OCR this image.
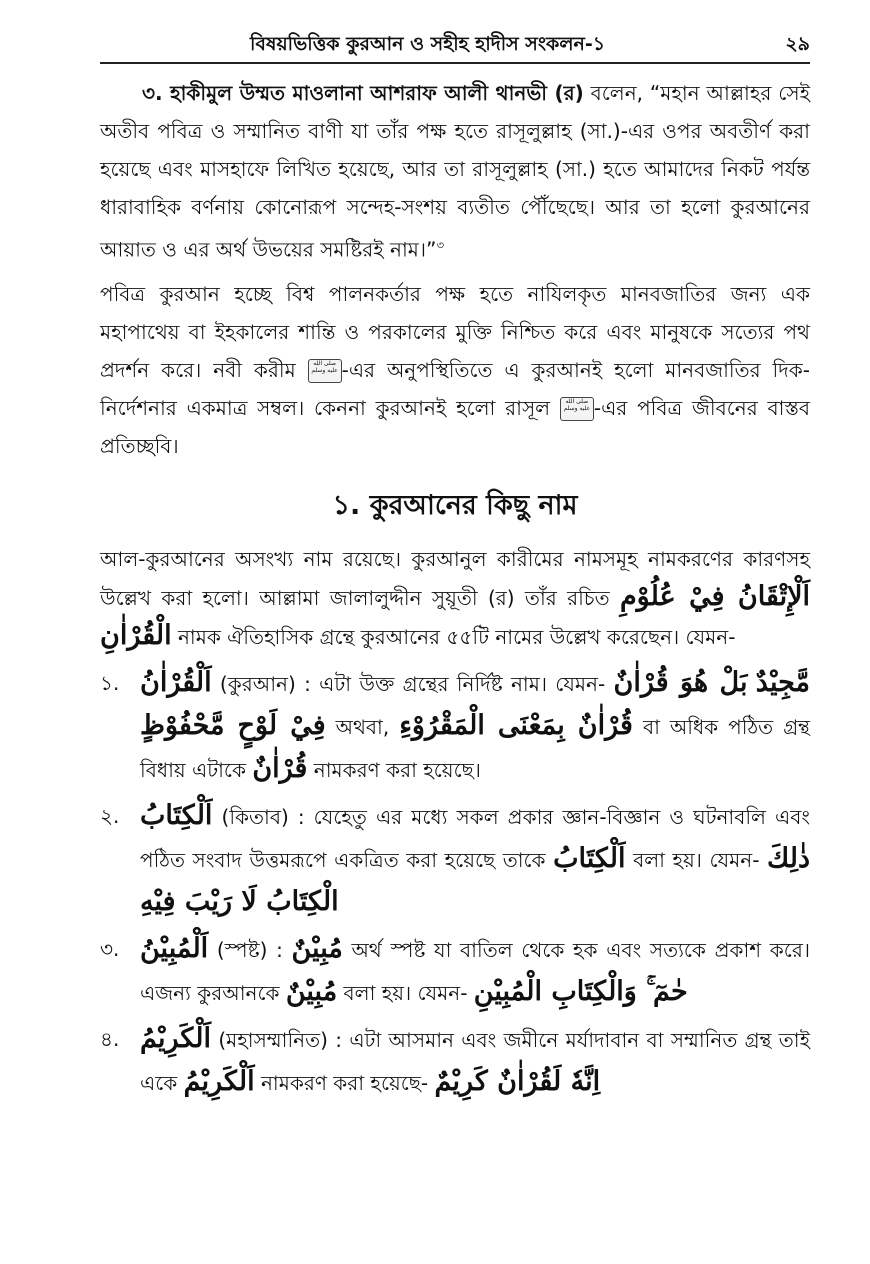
বিষয়ভিত্তিক কুরআন ও সহীহ হাদীস সংকলন-১	২৯

৩. হাকীমুল উম্মত মাওলানা আশরাফ আলী থানভী (র) বলেন, “মহান আল্লাহর সেই অতীব পবিত্র ও সম্মানিত বাণী যা তাঁর পক্ষ হতে রাসূলুল্লাহ (সা.)-এর ওপর অবতীর্ণ করা হয়েছে এবং মাসহাফে লিখিত হয়েছে, আর তা রাসূলুল্লাহ (সা.) হতে আমাদের নিকট পর্যন্ত ধারাবাহিক বর্ণনায় কোনোরূপ সন্দেহ-সংশয় ব্যতীত পৌঁছেছে। আর তা হলো কুরআনের আয়াত ও এর অর্থ উভয়ের সমষ্টিরই নাম।”$^৩$

পবিত্র কুরআন হচ্ছে বিশ্ব পালনকর্তার পক্ষ হতে নাযিলকৃত মানবজাতির জন্য এক মহাপাথেয় বা ইহকালের শান্তি ও পরকালের মুক্তি নিশ্চিত করে এবং মানুষকে সত্যের পথ প্রদর্শন করে। নবী করীম صلى الله عليه وسلم -এর অনুপস্থিতিতে এ কুরআনই হলো মানবজাতির দিক-নির্দেশনার একমাত্র সম্বল। কেননা কুরআনই হলো রাসূল صلى الله عليه وسلم -এর পবিত্র জীবনের বাস্তব প্রতিচ্ছবি।

১. কুরআনের কিছু নাম

আল-কুরআনের অসংখ্য নাম রয়েছে। কুরআনুল কারীমের নামসমূহ নামকরণের কারণসহ উল্লেখ করা হলো। আল্লামা জালালুদ্দীন সুয়ূতী (র) তাঁর রচিত اَلْإِتْقَانُ فِيْ عُلُوْمِ الْقُرْاٰنِ নামক ঐতিহাসিক গ্রন্থে কুরআনের ৫৫টি নামের উল্লেখ করেছেন। যেমন-

১. اَلْقُرْاٰنُ (কুরআন) : এটা উক্ত গ্রন্থের নির্দিষ্ট নাম। যেমন- بَلْ هُوَ قُرْاٰنٌ مَّجِيْدٌ فِيْ لَوْحٍ مَّحْفُوْظٍ অথবা, قُرْاٰنٌ بِمَعْنَى الْمَقْرُوْءِ বা অধিক পঠিত গ্রন্থ বিধায় এটাকে قُرْاٰنٌ নামকরণ করা হয়েছে।

২. اَلْكِتَابُ (কিতাব) : যেহেতু এর মধ্যে সকল প্রকার জ্ঞান-বিজ্ঞান ও ঘটনাবলি এবং পঠিত সংবাদ উত্তমরূপে একত্রিত করা হয়েছে তাকে اَلْكِتَابُ বলা হয়। যেমন- ذٰلِكَ الْكِتَابُ لَا رَيْبَ فِيْهِ

৩. اَلْمُبِيْنُ (স্পষ্ট) : مُبِيْنٌ অর্থ স্পষ্ট যা বাতিল থেকে হক এবং সত্যকে প্রকাশ করে। এজন্য কুরআনকে مُبِيْنٌ বলা হয়। যেমন- حٰمٓ ۚ وَالْكِتَابِ الْمُبِيْنِ

৪. اَلْكَرِيْمُ (মহাসম্মানিত) : এটা আসমান এবং জমীনে মর্যাদাবান বা সম্মানিত গ্রন্থ তাই একে اَلْكَرِيْمُ নামকরণ করা হয়েছে- اِنَّهٗ لَقُرْاٰنٌ كَرِيْمٌ
